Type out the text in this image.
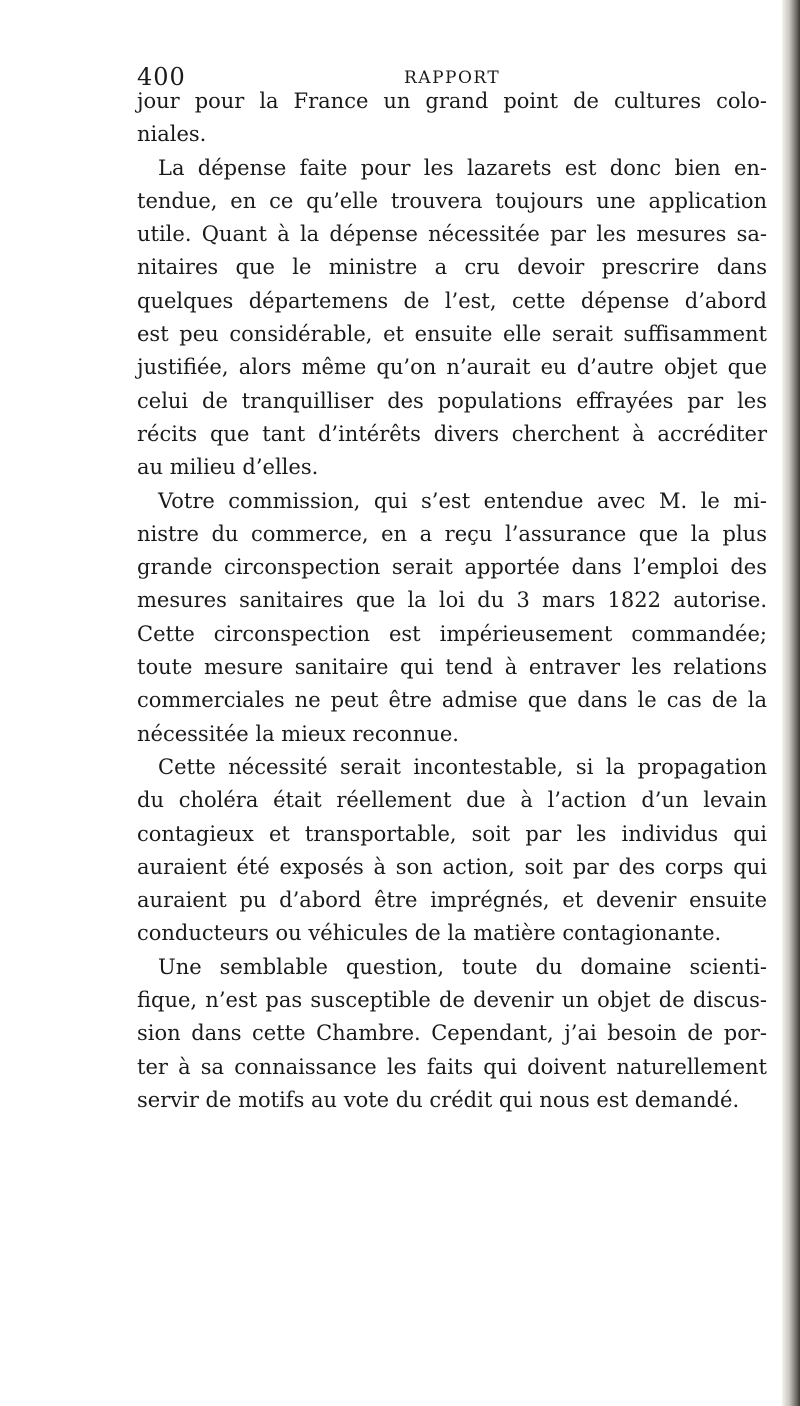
400	RAPPORT
jour pour la France un grand point de cultures colo-
niales.
La dépense faite pour les lazarets est donc bien en-
tendue, en ce qu’elle trouvera toujours une application
utile. Quant à la dépense nécessitée par les mesures sa-
nitaires que le ministre a cru devoir prescrire dans
quelques départemens de l’est, cette dépense d’abord
est peu considérable, et ensuite elle serait suffisamment
justifiée, alors même qu’on n’aurait eu d’autre objet que
celui de tranquilliser des populations effrayées par les
récits que tant d’intérêts divers cherchent à accréditer
au milieu d’elles.
Votre commission, qui s’est entendue avec M. le mi-
nistre du commerce, en a reçu l’assurance que la plus
grande circonspection serait apportée dans l’emploi des
mesures sanitaires que la loi du 3 mars 1822 autorise.
Cette circonspection est impérieusement commandée;
toute mesure sanitaire qui tend à entraver les relations
commerciales ne peut être admise que dans le cas de la
nécessitée la mieux reconnue.
Cette nécessité serait incontestable, si la propagation
du choléra était réellement due à l’action d’un levain
contagieux et transportable, soit par les individus qui
auraient été exposés à son action, soit par des corps qui
auraient pu d’abord être imprégnés, et devenir ensuite
conducteurs ou véhicules de la matière contagionante.
Une semblable question, toute du domaine scienti-
fique, n’est pas susceptible de devenir un objet de discus-
sion dans cette Chambre. Cependant, j’ai besoin de por-
ter à sa connaissance les faits qui doivent naturellement
servir de motifs au vote du crédit qui nous est demandé.
